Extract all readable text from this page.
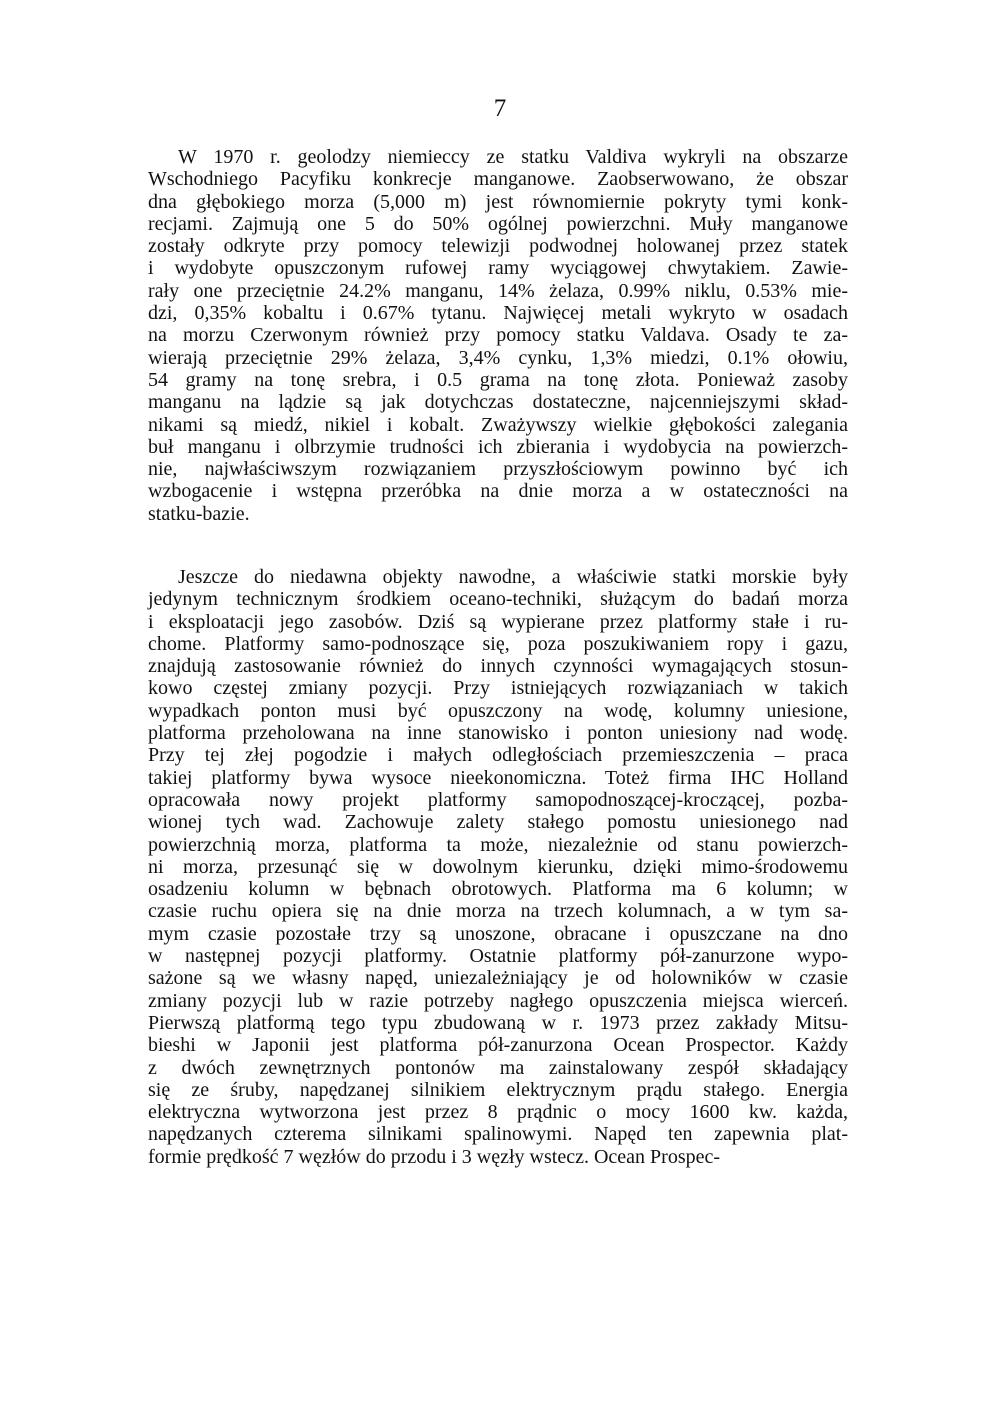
7
W 1970 r. geolodzy niemieccy ze statku Valdiva wykryli na obszarze
Wschodniego Pacyfiku konkrecje manganowe. Zaobserwowano, że obszar
dna głębokiego morza (5,000 m) jest równomiernie pokryty tymi konk-
recjami. Zajmują one 5 do 50% ogólnej powierzchni. Muły manganowe
zostały odkryte przy pomocy telewizji podwodnej holowanej przez statek
i wydobyte opuszczonym rufowej ramy wyciągowej chwytakiem. Zawie-
rały one przeciętnie 24.2% manganu, 14% żelaza, 0.99% niklu, 0.53% mie-
dzi, 0,35% kobaltu i 0.67% tytanu. Najwięcej metali wykryto w osadach
na morzu Czerwonym również przy pomocy statku Valdava. Osady te za-
wierają przeciętnie 29% żelaza, 3,4% cynku, 1,3% miedzi, 0.1% ołowiu,
54 gramy na tonę srebra, i 0.5 grama na tonę złota. Ponieważ zasoby
manganu na lądzie są jak dotychczas dostateczne, najcenniejszymi skład-
nikami są miedź, nikiel i kobalt. Zważywszy wielkie głębokości zalegania
buł manganu i olbrzymie trudności ich zbierania i wydobycia na powierzch-
nie, najwłaściwszym rozwiązaniem przyszłościowym powinno być ich
wzbogacenie i wstępna przeróbka na dnie morza a w ostateczności na
statku-bazie.
Jeszcze do niedawna objekty nawodne, a właściwie statki morskie były
jedynym technicznym środkiem oceano-techniki, służącym do badań morza
i eksploatacji jego zasobów. Dziś są wypierane przez platformy stałe i ru-
chome. Platformy samo-podnoszące się, poza poszukiwaniem ropy i gazu,
znajdują zastosowanie również do innych czynności wymagających stosun-
kowo częstej zmiany pozycji. Przy istniejących rozwiązaniach w takich
wypadkach ponton musi być opuszczony na wodę, kolumny uniesione,
platforma przeholowana na inne stanowisko i ponton uniesiony nad wodę.
Przy tej złej pogodzie i małych odległościach przemieszczenia – praca
takiej platformy bywa wysoce nieekonomiczna. Toteż firma IHC Holland
opracowała nowy projekt platformy samopodnoszącej-kroczącej, pozba-
wionej tych wad. Zachowuje zalety stałego pomostu uniesionego nad
powierzchnią morza, platforma ta może, niezależnie od stanu powierzch-
ni morza, przesunąć się w dowolnym kierunku, dzięki mimo-środowemu
osadzeniu kolumn w bębnach obrotowych. Platforma ma 6 kolumn; w
czasie ruchu opiera się na dnie morza na trzech kolumnach, a w tym sa-
mym czasie pozostałe trzy są unoszone, obracane i opuszczane na dno
w następnej pozycji platformy. Ostatnie platformy pół-zanurzone wypo-
sażone są we własny napęd, uniezależniający je od holowników w czasie
zmiany pozycji lub w razie potrzeby nagłego opuszczenia miejsca wierceń.
Pierwszą platformą tego typu zbudowaną w r. 1973 przez zakłady Mitsu-
bieshi w Japonii jest platforma pół-zanurzona Ocean Prospector. Każdy
z dwóch zewnętrznych pontonów ma zainstalowany zespół składający
się ze śruby, napędzanej silnikiem elektrycznym prądu stałego. Energia
elektryczna wytworzona jest przez 8 prądnic o mocy 1600 kw. każda,
napędzanych czterema silnikami spalinowymi. Napęd ten zapewnia plat-
formie prędkość 7 węzłów do przodu i 3 węzły wstecz. Ocean Prospec-
